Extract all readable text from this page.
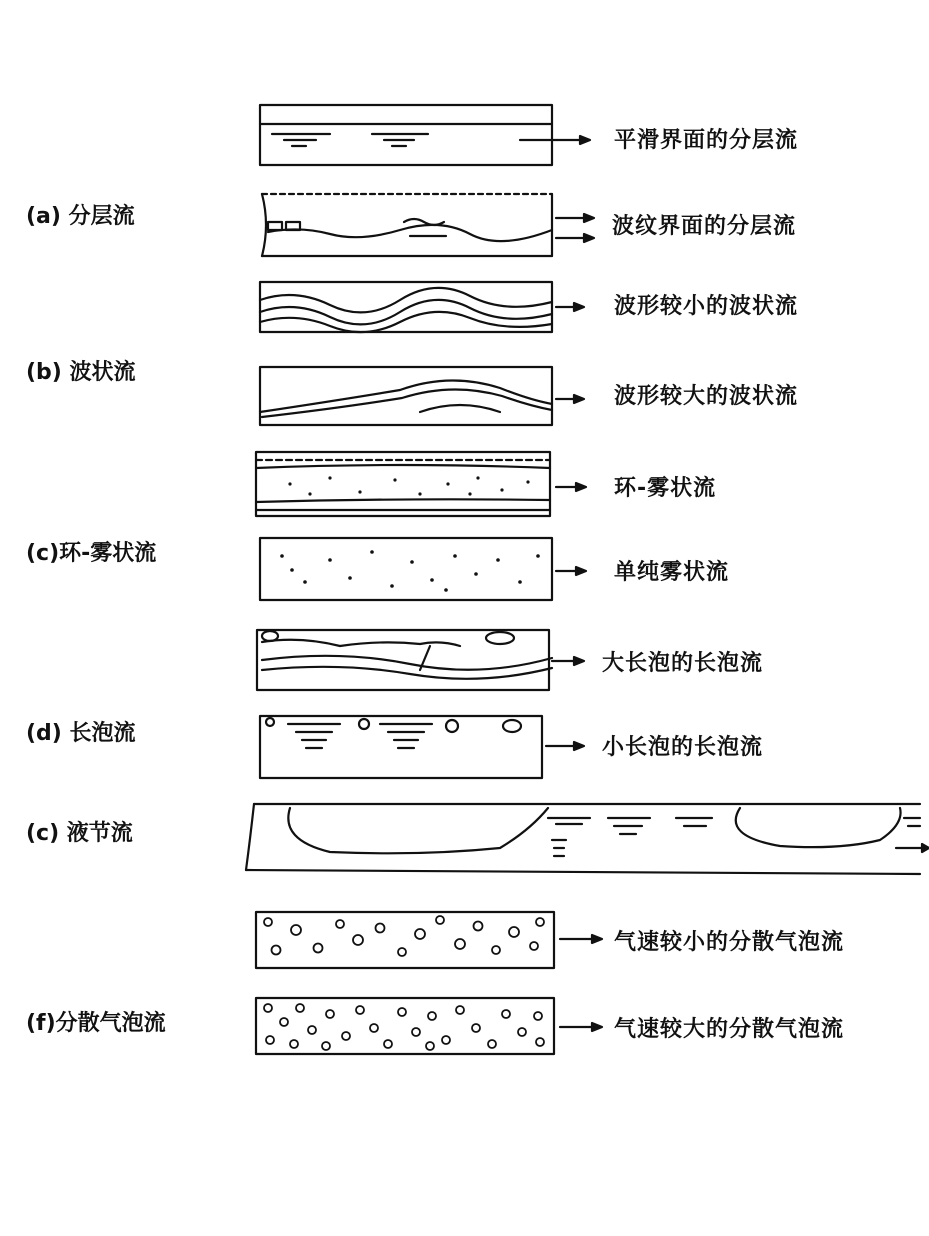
(a) 分层流
(b) 波状流
(c)环-雾状流
(d) 长泡流
(c) 液节流
(f)分散气泡流
平滑界面的分层流
波纹界面的分层流
波形较小的波状流
波形较大的波状流
环-雾状流
单纯雾状流
大长泡的长泡流
小长泡的长泡流
气速较小的分散气泡流
气速较大的分散气泡流
